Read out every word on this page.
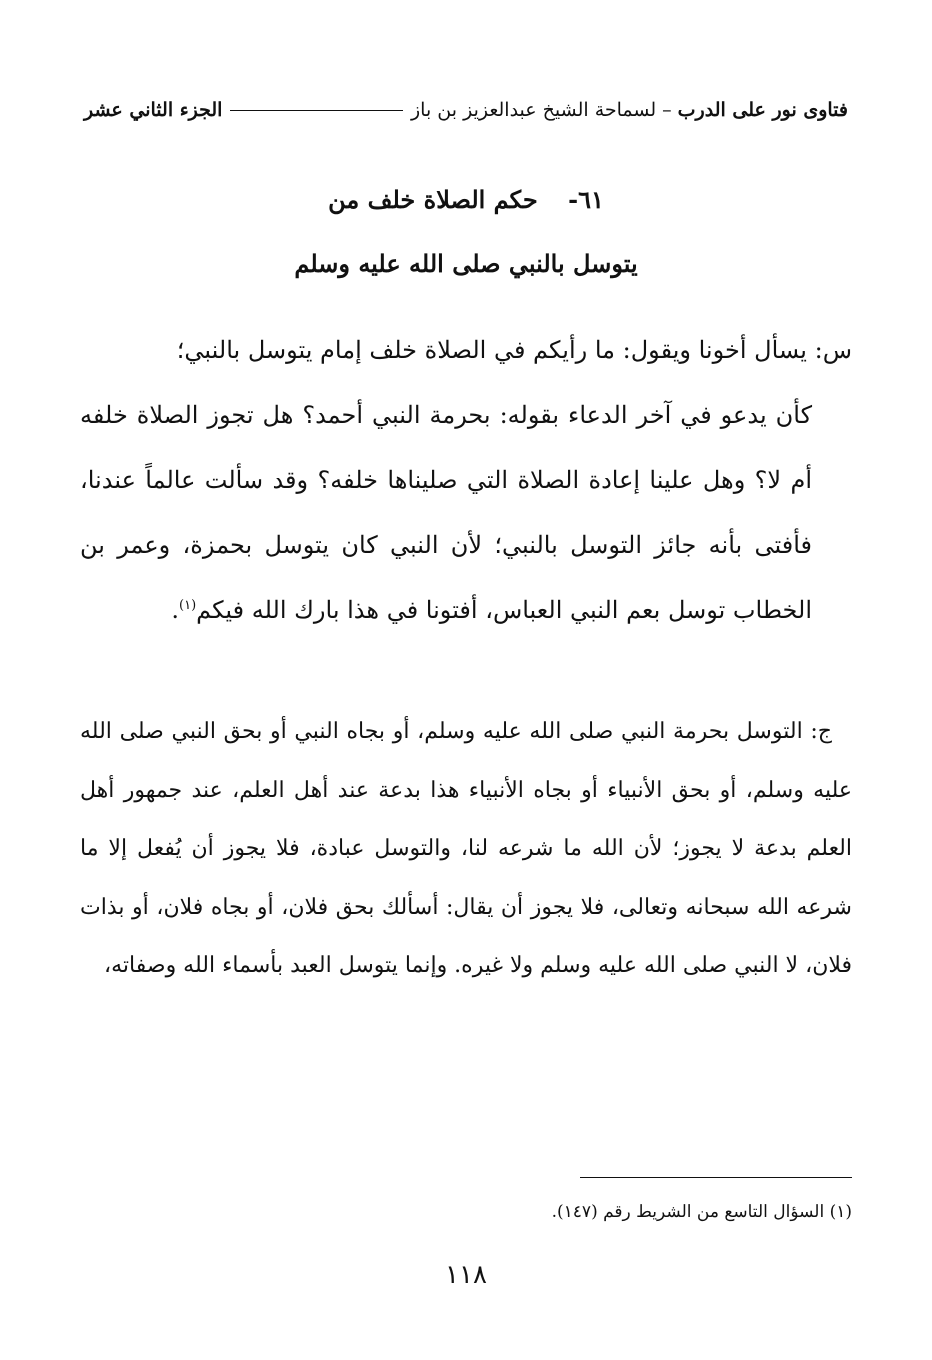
فتاوى نور على الدرب
–
لسماحة الشيخ عبدالعزيز بن باز
الجزء الثاني عشر
٦١- حكم الصلاة خلف من
يتوسل بالنبي صلى الله عليه وسلم
س: يسأل أخونا ويقول: ما رأيكم في الصلاة خلف إمام يتوسل بالنبي؛
كأن يدعو في آخر الدعاء بقوله: بحرمة النبي أحمد؟ هل تجوز الصلاة خلفه أم لا؟ وهل علينا إعادة الصلاة التي صليناها خلفه؟ وقد سألت عالماً عندنا، فأفتى بأنه جائز التوسل بالنبي؛ لأن النبي كان يتوسل بحمزة، وعمر بن الخطاب توسل بعم النبي العباس، أفتونا في هذا بارك الله فيكم$^{(١)}$.
ج: التوسل بحرمة النبي صلى الله عليه وسلم، أو بجاه النبي أو بحق النبي صلى الله عليه وسلم، أو بحق الأنبياء أو بجاه الأنبياء هذا بدعة عند أهل العلم، عند جمهور أهل العلم بدعة لا يجوز؛ لأن الله ما شرعه لنا، والتوسل عبادة، فلا يجوز أن يُفعل إلا ما شرعه الله سبحانه وتعالى، فلا يجوز أن يقال: أسألك بحق فلان، أو بجاه فلان، أو بذات فلان، لا النبي صلى الله عليه وسلم ولا غيره. وإنما يتوسل العبد بأسماء الله وصفاته،
(١) السؤال التاسع من الشريط رقم (١٤٧).
١١٨
